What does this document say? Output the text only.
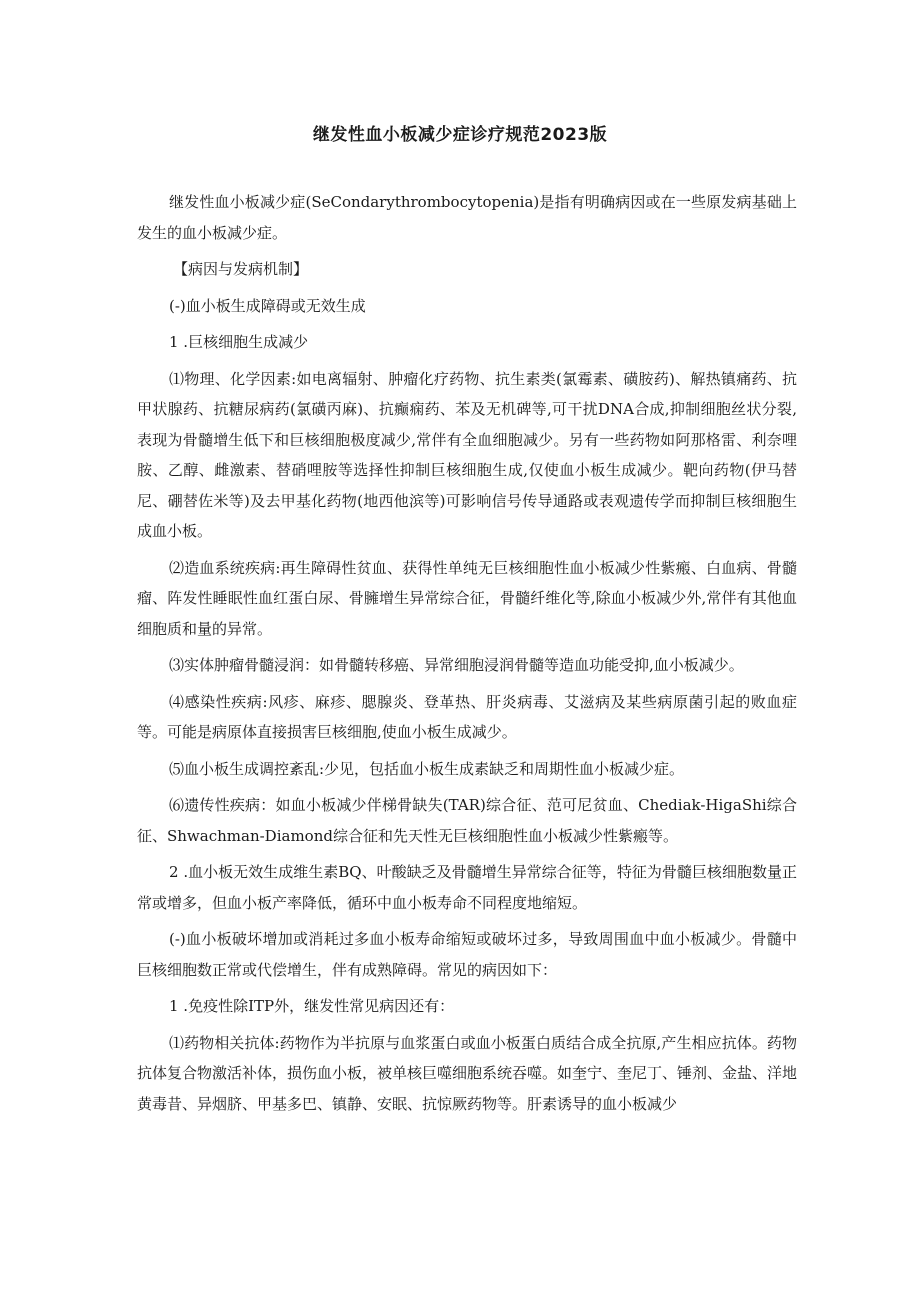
继发性血小板减少症诊疗规范2023版

继发性血小板减少症(SeCondarythrombocytopenia)是指有明确病因或在一些原发病基础上发生的血小板减少症。

【病因与发病机制】

(-)血小板生成障碍或无效生成

1 .巨核细胞生成减少

⑴物理、化学因素:如电离辐射、肿瘤化疗药物、抗生素类(氯霉素、磺胺药)、解热镇痛药、抗甲状腺药、抗糖尿病药(氯磺丙麻)、抗癫痫药、苯及无机碑等,可干扰DNA合成,抑制细胞丝状分裂,表现为骨髓增生低下和巨核细胞极度减少,常伴有全血细胞减少。另有一些药物如阿那格雷、利奈哩胺、乙醇、雌激素、替硝哩胺等选择性抑制巨核细胞生成,仅使血小板生成减少。靶向药物(伊马替尼、硼替佐米等)及去甲基化药物(地西他滨等)可影响信号传导通路或表观遗传学而抑制巨核细胞生成血小板。

⑵造血系统疾病:再生障碍性贫血、获得性单纯无巨核细胞性血小板减少性紫瘢、白血病、骨髓瘤、阵发性睡眠性血红蛋白尿、骨臃增生异常综合征，骨髓纤维化等,除血小板减少外,常伴有其他血细胞质和量的异常。

⑶实体肿瘤骨髓浸润：如骨髓转移癌、异常细胞浸润骨髓等造血功能受抑,血小板减少。

⑷感染性疾病:风疹、麻疹、腮腺炎、登革热、肝炎病毒、艾滋病及某些病原菌引起的败血症等。可能是病原体直接损害巨核细胞,使血小板生成减少。

⑸血小板生成调控紊乱:少见，包括血小板生成素缺乏和周期性血小板减少症。

⑹遗传性疾病：如血小板减少伴梯骨缺失(TAR)综合征、范可尼贫血、Chediak-HigaShi综合征、Shwachman-Diamond综合征和先天性无巨核细胞性血小板减少性紫瘢等。

2 .血小板无效生成维生素BQ、叶酸缺乏及骨髓增生异常综合征等，特征为骨髓巨核细胞数量正常或增多，但血小板产率降低，循环中血小板寿命不同程度地缩短。

(-)血小板破坏增加或消耗过多血小板寿命缩短或破坏过多，导致周围血中血小板减少。骨髓中巨核细胞数正常或代偿增生，伴有成熟障碍。常见的病因如下：

1 .免疫性除ITP外，继发性常见病因还有：

⑴药物相关抗体:药物作为半抗原与血浆蛋白或血小板蛋白质结合成全抗原,产生相应抗体。药物抗体复合物激活补体，损伤血小板，被单核巨噬细胞系统吞噬。如奎宁、奎尼丁、锤剂、金盐、洋地黄毒昔、异烟脐、甲基多巴、镇静、安眠、抗惊厥药物等。肝素诱导的血小板减少
